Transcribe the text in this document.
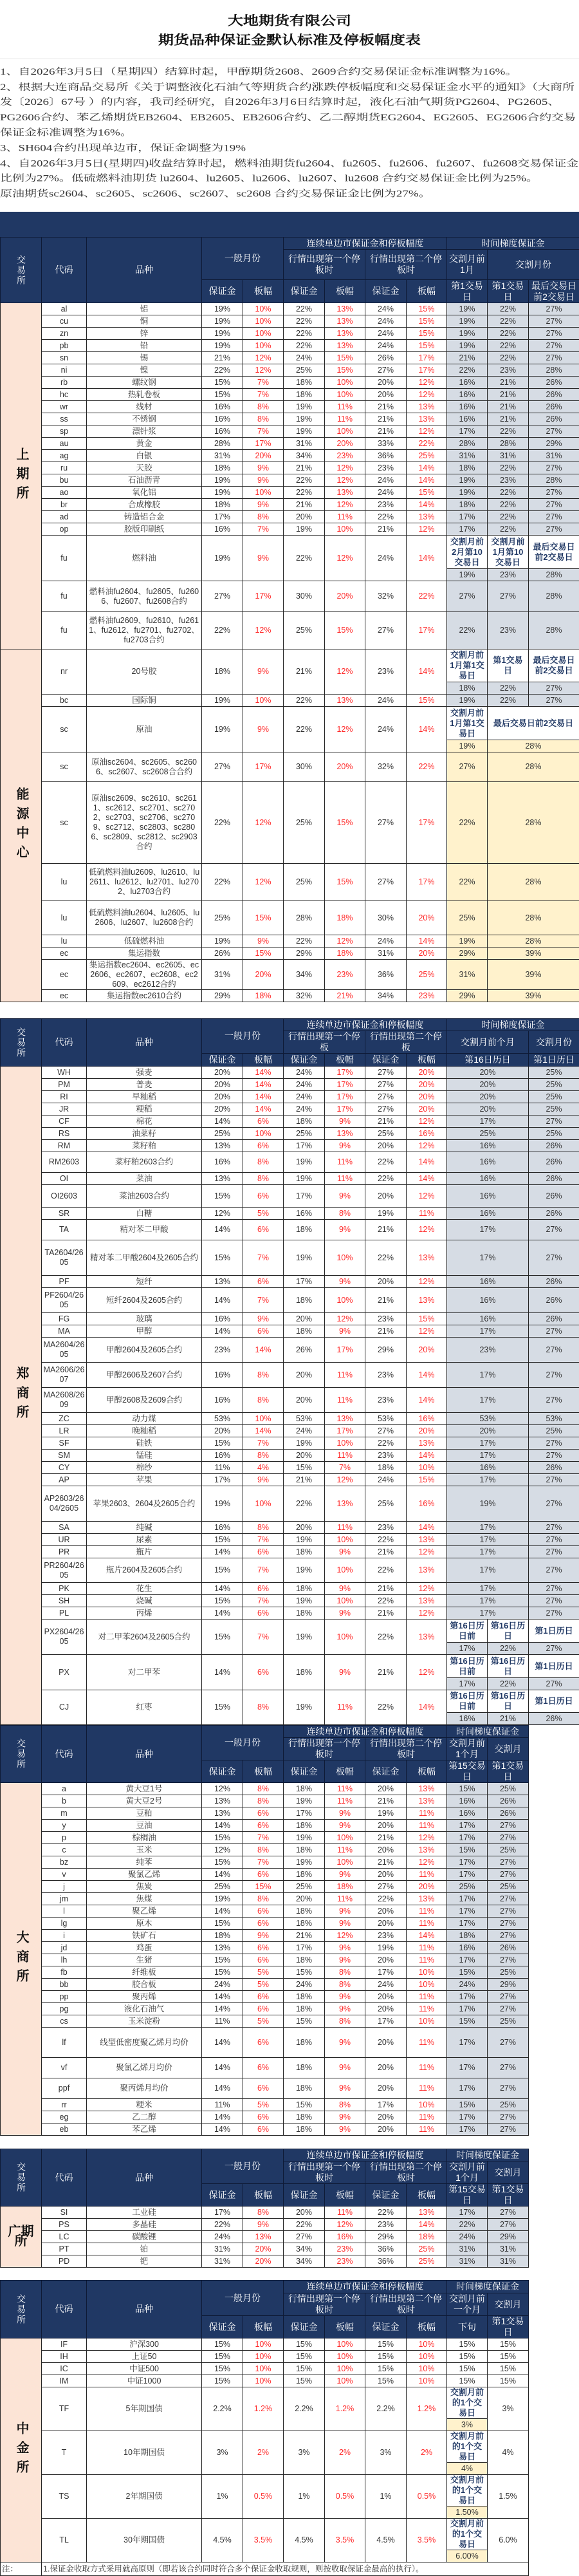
大地期货有限公司
期货品种保证金默认标准及停板幅度表

1、自2026年3月5日（星期四）结算时起，甲醇期货2608、2609合约交易保证金标准调整为16%。

2、根据大连商品交易所《关于调整液化石油气等期货合约涨跌停板幅度和交易保证金水平的通知》（大商所发〔2026〕67号 ）的内容，我司经研究，自2026年3月6日结算时起，液化石油气期货PG2604、PG2605、PG2606合约、苯乙烯期货EB2604、EB2605、EB2606合约、乙二醇期货EG2604、EG2605、EG2606合约交易保证金标准调整为16%。

3、SH604合约出现单边市，保证金调整为19%

4、自2026年3月5日(星期四)收盘结算时起，燃料油期货fu2604、fu2605、fu2606、fu2607、fu2608交易保证金比例为27%。低硫燃料油期货 lu2604、lu2605、lu2606、lu2607、lu2608 合约交易保证金比例为25%。

原油期货sc2604、sc2605、sc2606、sc2607、sc2608 合约交易保证金比例为27%。

交易所	代码	品种	一般月份		连续单边市保证金和停板幅度				时间梯度保证金		
					行情出现第一个停板时		行情出现第二个停板时		交割月前1月	交割月份	
			保证金	板幅	保证金	板幅	保证金	板幅	第1交易日	第1交易日	最后交易日前2交易日

上期所	al	铝	19%	10%	22%	13%	24%	15%	19%	22%	27%
	cu	铜	19%	10%	22%	13%	24%	15%	19%	22%	27%
	zn	锌	19%	10%	22%	13%	24%	15%	19%	22%	27%
	pb	铅	19%	10%	22%	13%	24%	15%	19%	22%	27%
	sn	锡	21%	12%	24%	15%	26%	17%	21%	22%	27%
	ni	镍	22%	12%	25%	15%	27%	17%	22%	23%	28%
	rb	螺纹钢	15%	7%	18%	10%	20%	12%	16%	21%	26%
	hc	热轧卷板	15%	7%	18%	10%	20%	12%	16%	21%	26%
	wr	线材	16%	8%	19%	11%	21%	13%	16%	21%	26%
	ss	不锈钢	16%	8%	19%	11%	21%	13%	16%	21%	26%
	sp	漂针浆	16%	7%	19%	10%	21%	12%	17%	22%	27%
	au	黄金	28%	17%	31%	20%	33%	22%	28%	28%	29%
	ag	白银	31%	20%	34%	23%	36%	25%	31%	31%	31%
	ru	天胶	18%	9%	21%	12%	23%	14%	18%	22%	27%
	bu	石油沥青	19%	9%	22%	12%	24%	14%	19%	23%	28%
	ao	氧化铝	19%	10%	22%	13%	24%	15%	19%	22%	27%
	br	合成橡胶	18%	9%	21%	12%	23%	14%	18%	22%	27%
	ad	铸造铝合金	17%	8%	20%	11%	22%	13%	17%	22%	27%
	op	胶版印刷纸	16%	7%	19%	10%	21%	12%	17%	22%	27%
	fu	燃料油	19%	9%	22%	12%	24%	14%	交割月前2月第10交易日	交割月前1月第10交易日	最后交易日前2交易日
									19%	23%	28%
	fu	燃料油fu2604、fu2605、fu2606、fu2607、fu2608合约	27%	17%	30%	20%	32%	22%	27%	27%	28%
	fu	燃料油fu2609、fu2610、fu2611、fu2612、fu2701、fu2702、fu2703合约	22%	12%	25%	15%	27%	17%	22%	23%	28%

能源中心	nr	20号胶	18%	9%	21%	12%	23%	14%	交割月前1月第1交易日	第1交易日	最后交易日前2交易日
									18%	22%	27%
	bc	国际铜	19%	10%	22%	13%	24%	15%	19%	22%	27%
	sc	原油	19%	9%	22%	12%	24%	14%	交割月前1月第1交易日	最后交易日前2交易日	
									19%	28%	
	sc	原油sc2604、sc2605、sc2606、sc2607、sc2608合合约	27%	17%	30%	20%	32%	22%	27%	28%	
	sc	原油sc2609、sc2610、sc2611、sc2612、sc2701、sc2702、sc2703、sc2706、sc2709、sc2712、sc2803、sc2806、sc2809、sc2812、sc2903合约	22%	12%	25%	15%	27%	17%	22%	28%	
	lu	低硫燃料油lu2609、lu2610、lu2611、lu2612、lu2701、lu2702、lu2703合约	22%	12%	25%	15%	27%	17%	22%	28%	
	lu	低硫燃料油lu2604、lu2605、lu2606、lu2607、lu2608合约	25%	15%	28%	18%	30%	20%	25%	28%	
	lu	低硫燃料油	19%	9%	22%	12%	24%	14%	19%	28%	
	ec	集运指数	26%	15%	29%	18%	31%	20%	29%	39%	
	ec	集运指数ec2604、ec2605、ec2606、ec2607、ec2608、ec2609、ec2612合约	31%	20%	34%	23%	36%	25%	31%	39%	
	ec	集运指数ec2610合约	29%	18%	32%	21%	34%	23%	29%	39%	
交易所	代码	品种	一般月份		连续单边市保证金和停板幅度				时间梯度保证金		
					行情出现第一个停板		行情出现第二个停板		交割月前个月		交割月份
			保证金	板幅	保证金	板幅	保证金	板幅	第16日历日		第1日历日

郑商所	WH	强麦	20%	14%	24%	17%	27%	20%	20%		25%
	PM	普麦	20%	14%	24%	17%	27%	20%	20%		25%
	RI	早籼稻	20%	14%	24%	17%	27%	20%	20%		25%
	JR	粳稻	20%	14%	24%	17%	27%	20%	20%		25%
	CF	棉花	14%	6%	18%	9%	21%	12%	17%		27%
	RS	油菜籽	25%	10%	25%	13%	25%	16%	25%		25%
	RM	菜籽粕	13%	6%	17%	9%	20%	12%	16%		26%
	RM2603	菜籽粕2603合约	16%	8%	19%	11%	22%	14%	16%		26%
	OI	菜油	13%	8%	19%	11%	22%	14%	16%		26%
	OI2603	菜油2603合约	15%	6%	17%	9%	20%	12%	16%		26%
	SR	白糖	12%	5%	16%	8%	19%	11%	16%		26%
	TA	精对苯二甲酸	14%	6%	18%	9%	21%	12%	17%		27%
	TA2604/2605	精对苯二甲酸2604及2605合约	15%	7%	19%	10%	22%	13%	17%		27%
	PF	短纤	13%	6%	17%	9%	20%	12%	16%		26%
	PF2604/2605	短纤2604及2605合约	14%	7%	18%	10%	21%	13%	16%		26%
	FG	玻璃	16%	9%	20%	12%	23%	15%	16%		26%
	MA	甲醇	14%	6%	18%	9%	21%	12%	17%		27%
	MA2604/2605	甲醇2604及2605合约	23%	14%	26%	17%	29%	20%	23%		27%
	MA2606/2607	甲醇2606及2607合约	16%	8%	20%	11%	23%	14%	17%		27%
	MA2608/2609	甲醇2608及2609合约	16%	8%	20%	11%	23%	14%	17%		27%
	ZC	动力煤	53%	10%	53%	13%	53%	16%	53%		53%
	LR	晚籼稻	20%	14%	24%	17%	27%	20%	20%		25%
	SF	硅铁	15%	7%	19%	10%	22%	13%	17%		27%
	SM	锰硅	16%	8%	20%	11%	23%	14%	17%		27%
	CY	棉纱	11%	4%	15%	7%	18%	10%	16%		26%
	AP	苹果	17%	9%	21%	12%	24%	15%	17%		27%
	AP2603/2604/2605	苹果2603、2604及2605合约	19%	10%	22%	13%	25%	16%	19%		27%
	SA	纯碱	16%	8%	20%	11%	23%	14%	17%		27%
	UR	尿素	15%	7%	19%	10%	22%	13%	17%		27%
	PR	瓶片	14%	6%	18%	9%	21%	12%	17%		27%
	PR2604/2605	瓶片2604及2605合约	15%	7%	19%	10%	22%	13%	17%		27%
	PK	花生	14%	6%	18%	9%	21%	12%	17%		27%
	SH	烧碱	15%	7%	19%	10%	22%	13%	17%		27%
	PL	丙烯	14%	6%	18%	9%	21%	12%	17%		27%
	PX2604/2605	对二甲苯2604及2605合约	15%	7%	19%	10%	22%	13%	第16日历日前	第16日历日	第1日历日
									17%	22%	27%
	PX	对二甲苯	14%	6%	18%	9%	21%	12%	第16日历日前	第16日历日	第1日历日
									17%	22%	27%
	CJ	红枣	15%	8%	19%	11%	22%	14%	第16日历日前	第16日历日	第1日历日
									16%	21%	26%
交易所	代码	品种	一般月份		连续单边市保证金和停板幅度				时间梯度保证金	
					行情出现第一个停板时		行情出现第二个停板时		交割月前1个月	交割月
			保证金	板幅	保证金	板幅	保证金	板幅	第15交易日	第1交易日

大商所	a	黄大豆1号	12%	8%	18%	11%	20%	13%	15%	25%
	b	黄大豆2号	13%	8%	19%	11%	21%	13%	16%	26%
	m	豆粕	13%	6%	17%	9%	19%	11%	16%	26%
	y	豆油	14%	6%	18%	9%	20%	11%	17%	27%
	p	棕榈油	15%	7%	19%	10%	21%	12%	17%	27%
	c	玉米	12%	8%	18%	11%	20%	13%	15%	25%
	bz	纯苯	15%	7%	19%	10%	21%	12%	17%	27%
	v	聚氯乙烯	14%	6%	18%	9%	20%	11%	17%	27%
	j	焦炭	25%	15%	25%	18%	27%	20%	25%	25%
	jm	焦煤	19%	8%	20%	11%	22%	13%	17%	27%
	l	聚乙烯	14%	6%	18%	9%	20%	11%	17%	27%
	lg	原木	15%	6%	18%	9%	20%	11%	17%	27%
	i	铁矿石	18%	9%	21%	12%	23%	14%	18%	27%
	jd	鸡蛋	13%	6%	17%	9%	19%	11%	16%	26%
	lh	生猪	15%	6%	18%	9%	20%	11%	17%	27%
	fb	纤维板	15%	5%	15%	8%	17%	10%	15%	25%
	bb	胶合板	24%	5%	24%	8%	24%	10%	24%	29%
	pp	聚丙烯	14%	6%	18%	9%	20%	11%	17%	27%
	pg	液化石油气	14%	6%	18%	9%	20%	11%	17%	27%
	cs	玉米淀粉	11%	5%	15%	8%	17%	10%	15%	25%
	lf	线型低密度聚乙烯月均价	14%	6%	18%	9%	20%	11%	17%	27%
	vf	聚氯乙烯月均价	14%	6%	18%	9%	20%	11%	17%	27%
	ppf	聚丙烯月均价	14%	6%	18%	9%	20%	11%	17%	27%
	rr	粳米	11%	5%	15%	8%	17%	10%	15%	25%
	eg	乙二醇	14%	6%	18%	9%	20%	11%	17%	27%
	eb	苯乙烯	14%	6%	18%	9%	20%	11%	17%	27%
交易所	代码	品种	一般月份		连续单边市保证金和停板幅度				时间梯度保证金	
					行情出现第一个停板时		行情出现第二个停板时		交割月前1个月	交割月
			保证金	板幅	保证金	板幅	保证金	板幅	第15交易日	第1交易日
广期所	SI	工业硅	17%	8%	20%	11%	22%	13%	17%	27%
	PS	多晶硅	22%	9%	22%	12%	23%	14%	22%	27%
	LC	碳酸锂	24%	13%	27%	16%	29%	18%	24%	29%
	PT	铂	31%	20%	34%	23%	36%	25%	31%	31%
	PD	钯	31%	20%	34%	23%	36%	25%	31%	31%
交易所	代码	品种	一般月份		连续单边市保证金和停板幅度				时间梯度保证金	
					行情出现第一个停板时		行情出现第二个停板时		交割月前一个月	交割月
			保证金	板幅	保证金	板幅	保证金	板幅	下旬	第1交易日

中金所	IF	沪深300	15%	10%	15%	10%	15%	10%	15%	15%
	IH	上证50	15%	10%	15%	10%	15%	10%	15%	15%
	IC	中证500	15%	10%	15%	10%	15%	10%	15%	15%
	IM	中证1000	15%	10%	15%	10%	15%	10%	15%	15%
	TF	5年期国债	2.2%	1.2%	2.2%	1.2%	2.2%	1.2%	交割月前的1个交易日	3%
									3%	
	T	10年期国债	3%	2%	3%	2%	3%	2%	交割月前的1个交易日	4%
									4%	
	TS	2年期国债	1%	0.5%	1%	0.5%	1%	0.5%	交割月前的1个交易日	1.5%
									1.50%	
	TL	30年期国债	4.5%	3.5%	4.5%	3.5%	4.5%	3.5%	交割月前的1个交易日	6.0%
									6.00%	
注：	1.保证金收取方式采用就高原则（即若该合约同时符合多个保证金收取规则，则按收取保证金最高的执行）。									
